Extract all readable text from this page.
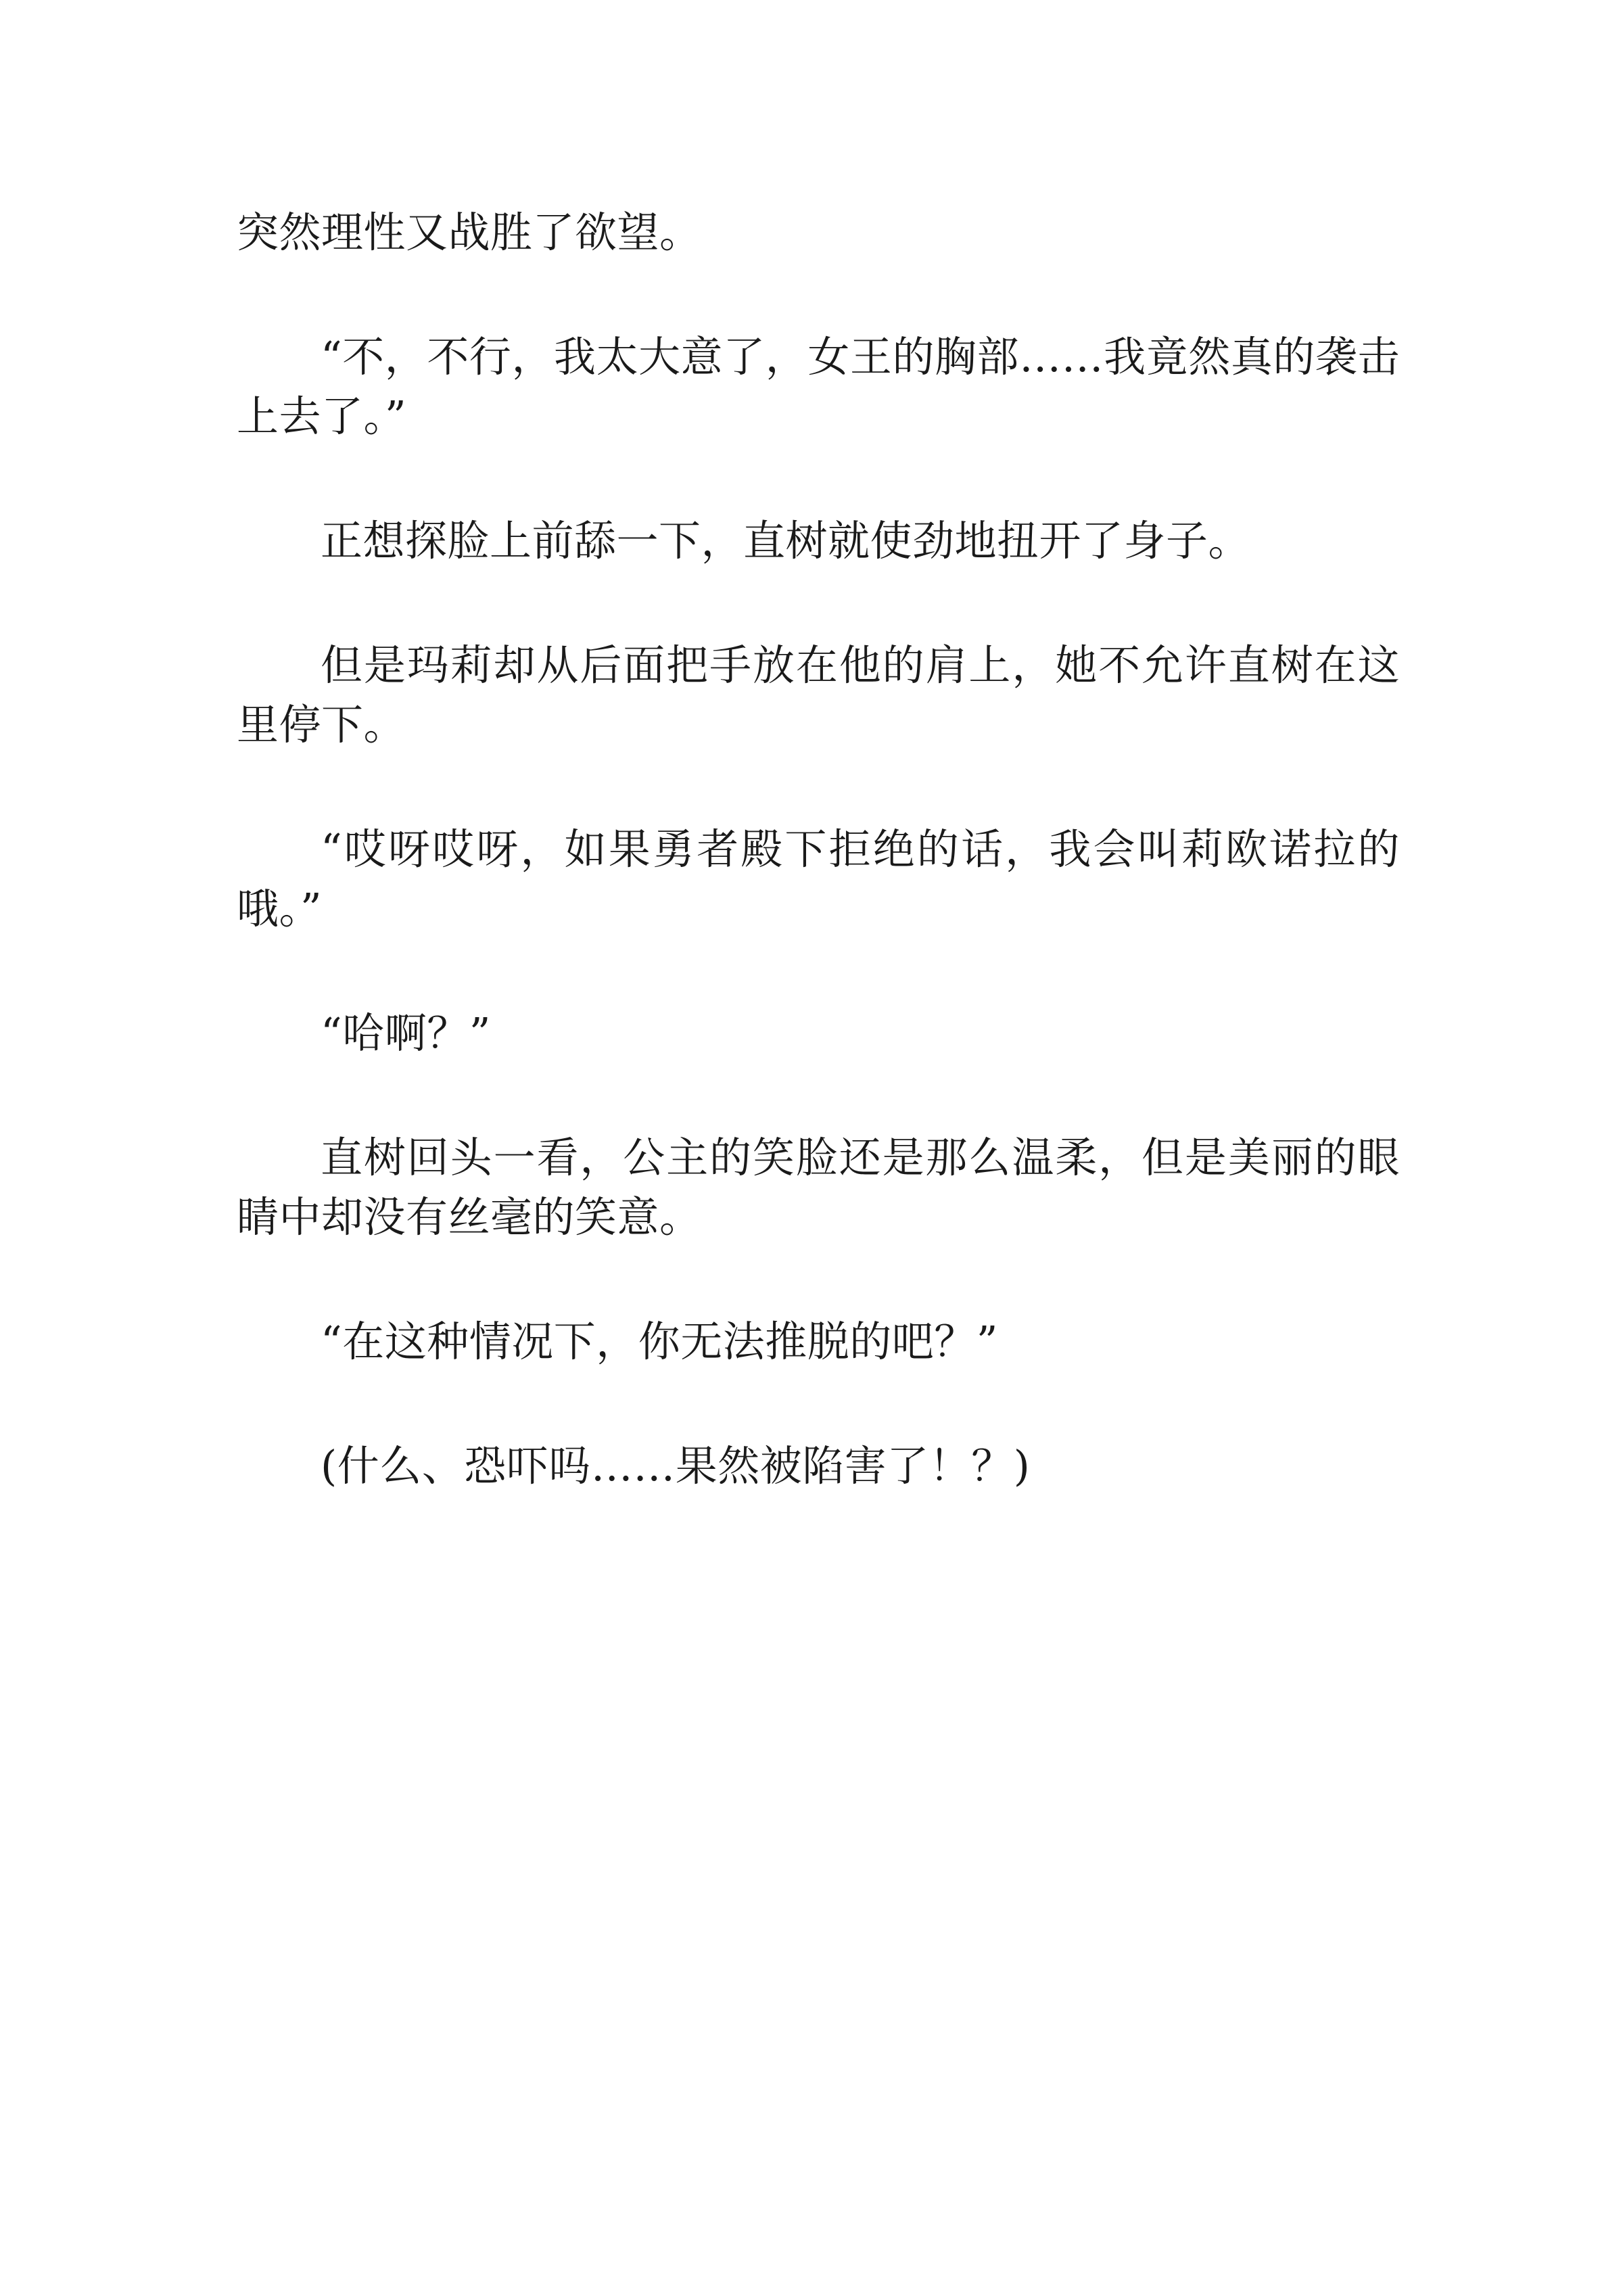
突然理性又战胜了欲望。

“不，不行，我太大意了，女王的胸部……我竟然真的袭击上去了。”

正想探脸上前舔一下，直树就使劲地扭开了身子。

但是玛莉却从后面把手放在他的肩上，她不允许直树在这里停下。

“哎呀哎呀，如果勇者殿下拒绝的话，我会叫莉欧诺拉的哦。”

“哈啊？”

直树回头一看，公主的笑脸还是那么温柔，但是美丽的眼睛中却没有丝毫的笑意。

“在这种情况下，你无法推脱的吧？”

(什么、恐吓吗……果然被陷害了！？)
